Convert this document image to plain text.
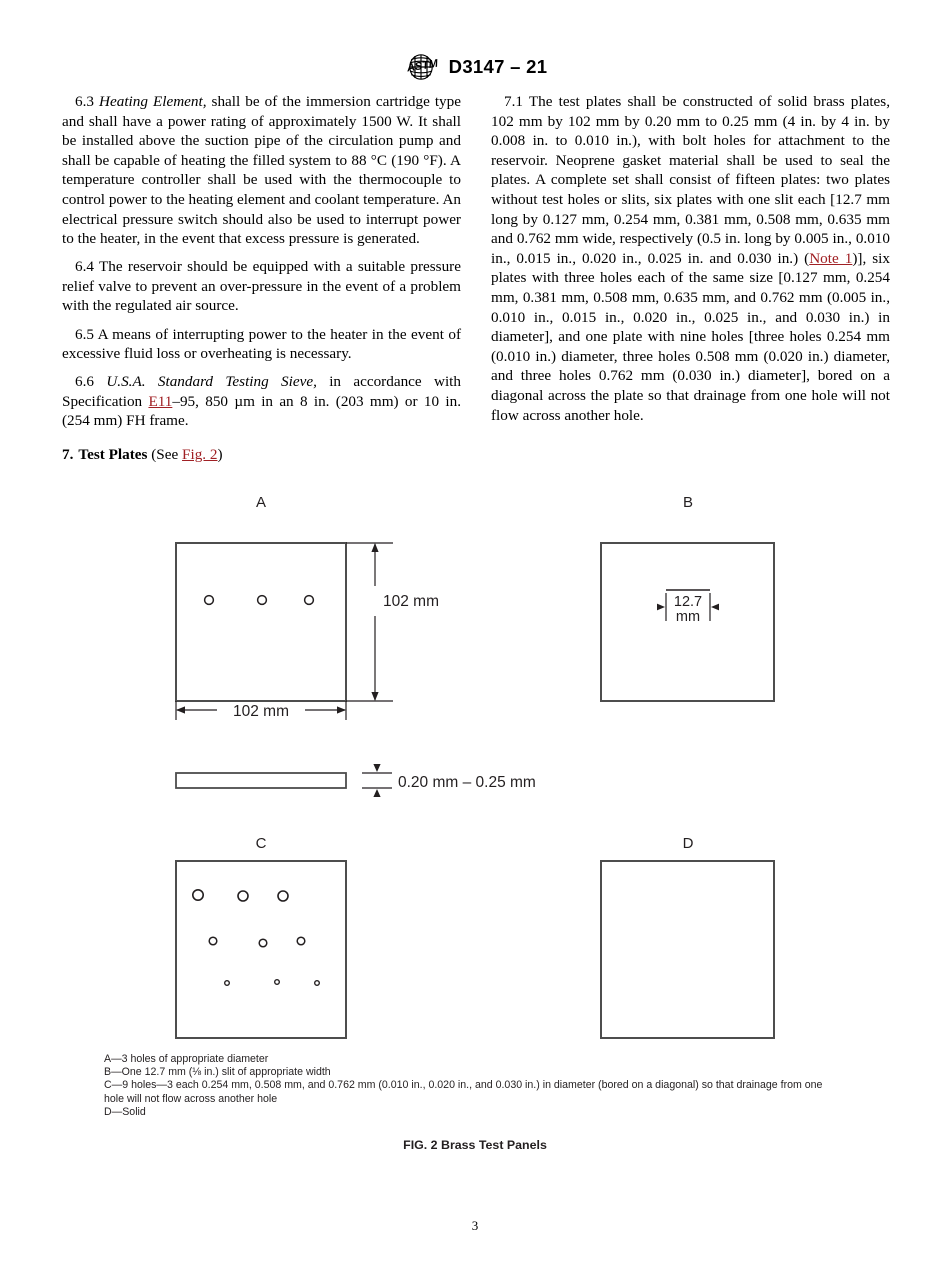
ASTM D3147 – 21

6.3 Heating Element, shall be of the immersion cartridge type and shall have a power rating of approximately 1500 W. It shall be installed above the suction pipe of the circulation pump and shall be capable of heating the filled system to 88 °C (190 °F). A temperature controller shall be used with the thermocouple to control power to the heating element and coolant temperature. An electrical pressure switch should also be used to interrupt power to the heater, in the event that excess pressure is generated.

6.4 The reservoir should be equipped with a suitable pressure relief valve to prevent an over-pressure in the event of a problem with the regulated air source.

6.5 A means of interrupting power to the heater in the event of excessive fluid loss or overheating is necessary.

6.6 U.S.A. Standard Testing Sieve, in accordance with Specification E11–95, 850 µm in an 8 in. (203 mm) or 10 in. (254 mm) FH frame.

7. Test Plates (See Fig. 2)

7.1 The test plates shall be constructed of solid brass plates, 102 mm by 102 mm by 0.20 mm to 0.25 mm (4 in. by 4 in. by 0.008 in. to 0.010 in.), with bolt holes for attachment to the reservoir. Neoprene gasket material shall be used to seal the plates. A complete set shall consist of fifteen plates: two plates without test holes or slits, six plates with one slit each [12.7 mm long by 0.127 mm, 0.254 mm, 0.381 mm, 0.508 mm, 0.635 mm and 0.762 mm wide, respectively (0.5 in. long by 0.005 in., 0.010 in., 0.015 in., 0.020 in., 0.025 in. and 0.030 in.) (Note 1)], six plates with three holes each of the same size [0.127 mm, 0.254 mm, 0.381 mm, 0.508 mm, 0.635 mm, and 0.762 mm (0.005 in., 0.010 in., 0.015 in., 0.020 in., 0.025 in., and 0.030 in.) in diameter], and one plate with nine holes [three holes 0.254 mm (0.010 in.) diameter, three holes 0.508 mm (0.020 in.) diameter, and three holes 0.762 mm (0.030 in.) diameter], bored on a diagonal across the plate so that drainage from one hole will not flow across another hole.

A
102 mm
102 mm
B
12.7
mm
0.20 mm – 0.25 mm
C	D
A—3 holes of appropriate diameter
B—One 12.7 mm (⅛ in.) slit of appropriate width
C—9 holes—3 each 0.254 mm, 0.508 mm, and 0.762 mm (0.010 in., 0.020 in., and 0.030 in.) in diameter (bored on a diagonal) so that drainage from one hole will not flow across another hole
D—Solid
FIG. 2 Brass Test Panels
3
